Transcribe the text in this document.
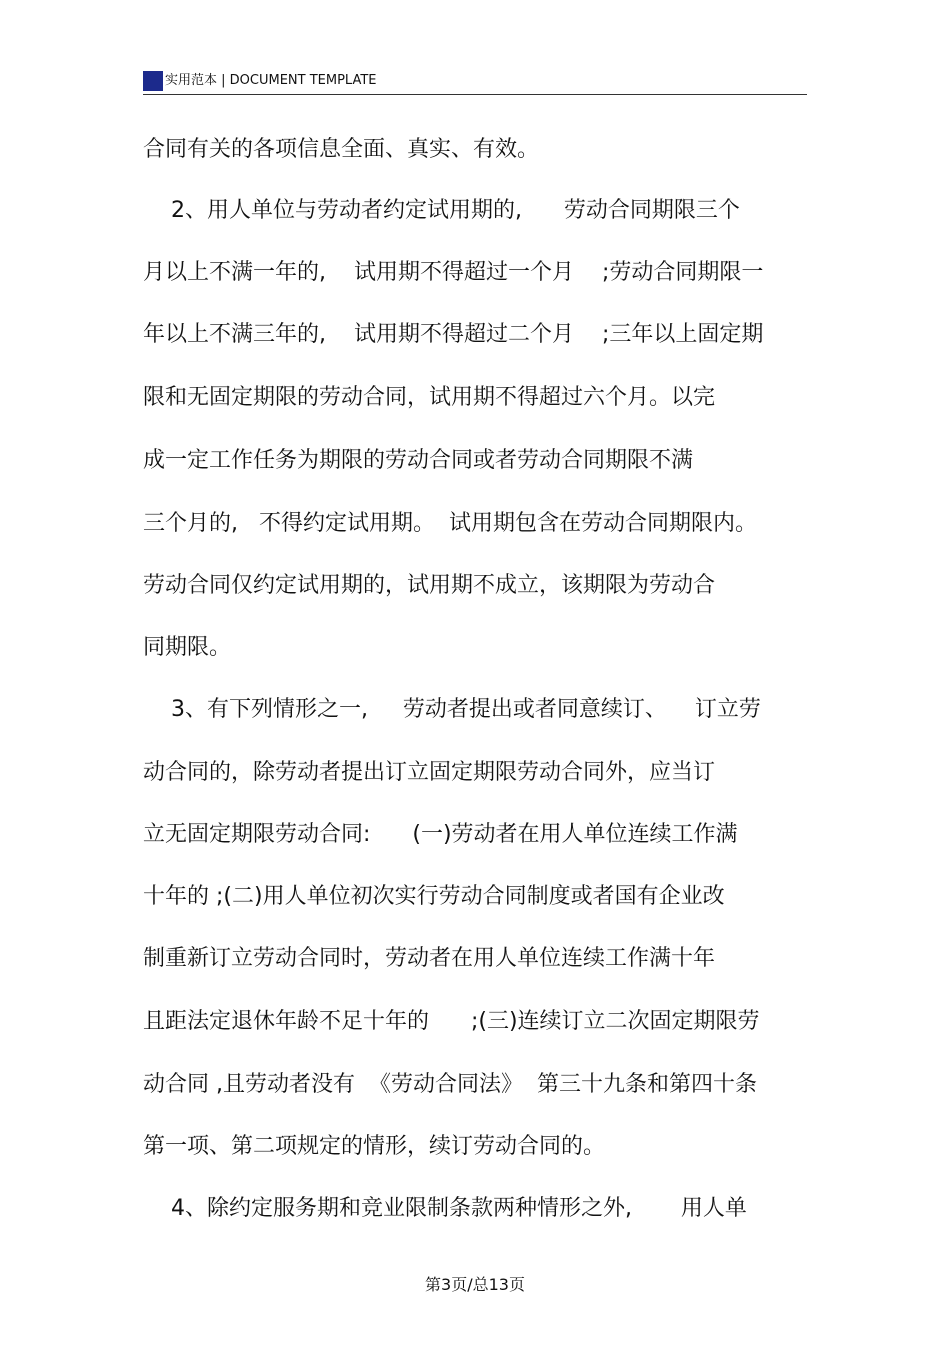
实用范本 | DOCUMENT TEMPLATE
合同有关的各项信息全面、真实、有效。
2、用人单位与劳动者约定试用期的,      劳动合同期限三个
月以上不满一年的,    试用期不得超过一个月    ;劳动合同期限一
年以上不满三年的,    试用期不得超过二个月    ;三年以上固定期
限和无固定期限的劳动合同，试用期不得超过六个月。以完
成一定工作任务为期限的劳动合同或者劳动合同期限不满
三个月的,   不得约定试用期。  试用期包含在劳动合同期限内。
劳动合同仅约定试用期的，试用期不成立，该期限为劳动合
同期限。
3、有下列情形之一,     劳动者提出或者同意续订、    订立劳
动合同的，除劳动者提出订立固定期限劳动合同外，应当订
立无固定期限劳动合同:      (一)劳动者在用人单位连续工作满
十年的 ;(二)用人单位初次实行劳动合同制度或者国有企业改
制重新订立劳动合同时，劳动者在用人单位连续工作满十年
且距法定退休年龄不足十年的      ;(三)连续订立二次固定期限劳
动合同 ,且劳动者没有  《劳动合同法》  第三十九条和第四十条
第一项、第二项规定的情形，续订劳动合同的。
4、除约定服务期和竞业限制条款两种情形之外,       用人单
第3页/总13页
